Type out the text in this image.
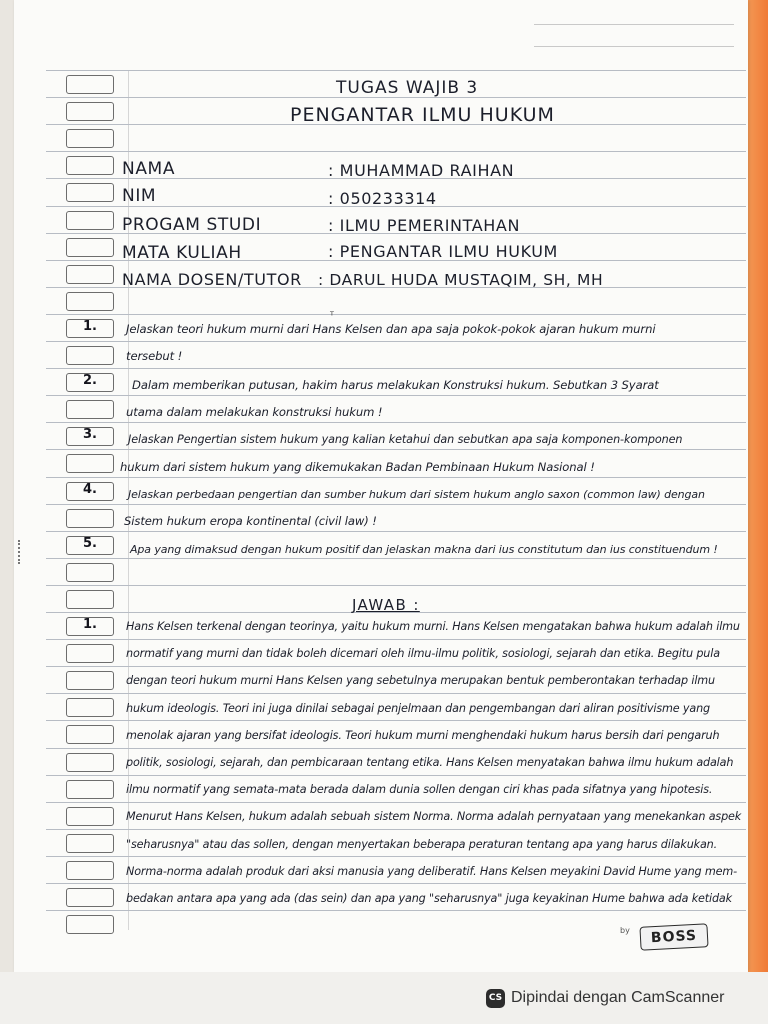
1.
2.
3.
4.
5.
1.
TUGAS WAJIB 3
PENGANTAR ILMU HUKUM
NAMA	: MUHAMMAD RAIHAN
NIM	: 050233314
PROGAM STUDI	: ILMU PEMERINTAHAN
MATA KULIAH	: PENGANTAR ILMU HUKUM
NAMA DOSEN/TUTOR : DARUL HUDA MUSTAQIM, SH, MH
ᵀ
Jelaskan teori hukum murni dari Hans Kelsen dan apa saja pokok-pokok ajaran hukum murni
tersebut !
Dalam memberikan putusan, hakim harus melakukan Konstruksi hukum. Sebutkan 3 Syarat
utama dalam melakukan konstruksi hukum !
Jelaskan Pengertian sistem hukum yang kalian ketahui dan sebutkan apa saja komponen-komponen
hukum dari sistem hukum yang dikemukakan Badan Pembinaan Hukum Nasional !
Jelaskan perbedaan pengertian dan sumber hukum dari sistem hukum anglo saxon (common law) dengan
Sistem hukum eropa kontinental (civil law) !
Apa yang dimaksud dengan hukum positif dan jelaskan makna dari ius constitutum dan ius constituendum !
JAWAB :
Hans Kelsen terkenal dengan teorinya, yaitu hukum murni. Hans Kelsen mengatakan bahwa hukum adalah ilmu
normatif yang murni dan tidak boleh dicemari oleh ilmu-ilmu politik, sosiologi, sejarah dan etika. Begitu pula
dengan teori hukum murni Hans Kelsen yang sebetulnya merupakan bentuk pemberontakan terhadap ilmu
hukum ideologis. Teori ini juga dinilai sebagai penjelmaan dan pengembangan dari aliran positivisme yang
menolak ajaran yang bersifat ideologis. Teori hukum murni menghendaki hukum harus bersih dari pengaruh
politik, sosiologi, sejarah, dan pembicaraan tentang etika. Hans Kelsen menyatakan bahwa ilmu hukum adalah
ilmu normatif yang semata-mata berada dalam dunia sollen dengan ciri khas pada sifatnya yang hipotesis.
Menurut Hans Kelsen, hukum adalah sebuah sistem Norma. Norma adalah pernyataan yang menekankan aspek
"seharusnya" atau das sollen, dengan menyertakan beberapa peraturan tentang apa yang harus dilakukan.
Norma-norma adalah produk dari aksi manusia yang deliberatif. Hans Kelsen meyakini David Hume yang mem-
bedakan antara apa yang ada (das sein) dan apa yang "seharusnya" juga keyakinan Hume bahwa ada ketidak
by	BOSS
CS Dipindai dengan CamScanner
